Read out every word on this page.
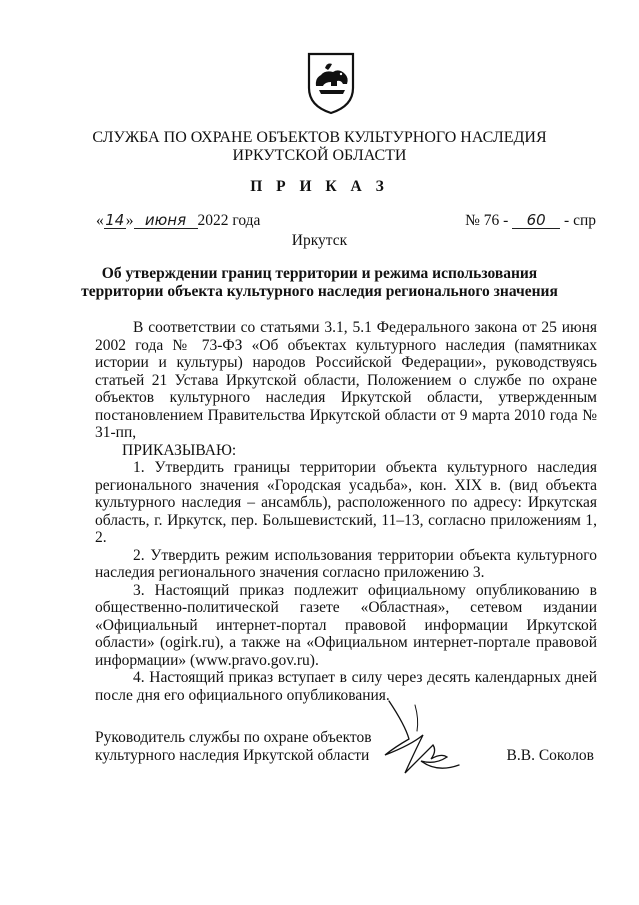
СЛУЖБА ПО ОХРАНЕ ОБЪЕКТОВ КУЛЬТУРНОГО НАСЛЕДИЯ
ИРКУТСКОЙ ОБЛАСТИ
П Р И К А З
«14» июня 2022 года	№ 76 - 60 - спр
Иркутск
Об утверждении границ территории и режима использования
территории объекта культурного наследия регионального значения

В соответствии со статьями 3.1, 5.1 Федерального закона от 25 июня 2002 года № 73-ФЗ «Об объектах культурного наследия (памятниках истории и культуры) народов Российской Федерации», руководствуясь статьей 21 Устава Иркутской области, Положением о службе по охране объектов культурного наследия Иркутской области, утвержденным постановлением Правительства Иркутской области от 9 марта 2010 года № 31-пп,

ПРИКАЗЫВАЮ:

1. Утвердить границы территории объекта культурного наследия регионального значения «Городская усадьба», кон. XIX в. (вид объекта культурного наследия – ансамбль), расположенного по адресу: Иркутская область, г. Иркутск, пер. Большевистский, 11–13, согласно приложениям 1, 2.

2. Утвердить режим использования территории объекта культурного наследия регионального значения согласно приложению 3.

3. Настоящий приказ подлежит официальному опубликованию в общественно-политической газете «Областная», сетевом издании «Официальный интернет-портал правовой информации Иркутской области» (ogirk.ru), а также на «Официальном интернет-портале правовой информации» (www.pravo.gov.ru).

4. Настоящий приказ вступает в силу через десять календарных дней после дня его официального опубликования.

Руководитель службы по охране объектов
культурного наследия Иркутской области	В.В. Соколов
